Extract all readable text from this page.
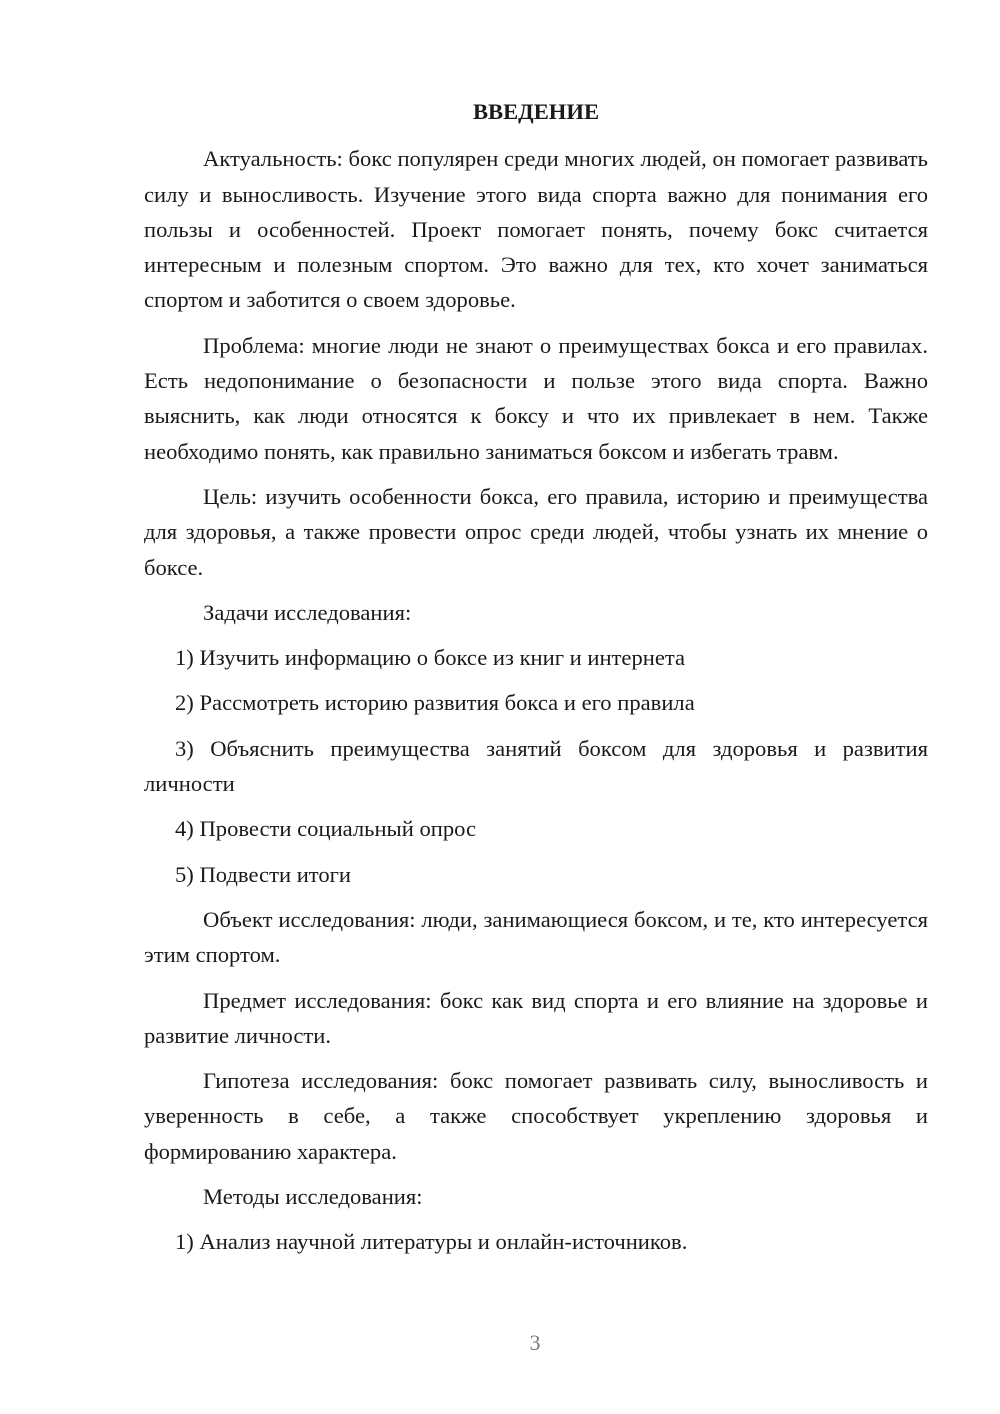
ВВЕДЕНИЕ
Актуальность: бокс популярен среди многих людей, он помогает развивать силу и выносливость. Изучение этого вида спорта важно для понимания его пользы и особенностей. Проект помогает понять, почему бокс считается интересным и полезным спортом. Это важно для тех, кто хочет заниматься спортом и заботится о своем здоровье.
Проблема: многие люди не знают о преимуществах бокса и его правилах. Есть недопонимание о безопасности и пользе этого вида спорта. Важно выяснить, как люди относятся к боксу и что их привлекает в нем. Также необходимо понять, как правильно заниматься боксом и избегать травм.
Цель: изучить особенности бокса, его правила, историю и преимущества для здоровья, а также провести опрос среди людей, чтобы узнать их мнение о боксе.
Задачи исследования:
1) Изучить информацию о боксе из книг и интернета
2) Рассмотреть историю развития бокса и его правила
3) Объяснить преимущества занятий боксом для здоровья и развития личности
4) Провести социальный опрос
5) Подвести итоги
Объект исследования: люди, занимающиеся боксом, и те, кто интересуется этим спортом.
Предмет исследования: бокс как вид спорта и его влияние на здоровье и развитие личности.
Гипотеза исследования: бокс помогает развивать силу, выносливость и уверенность в себе, а также способствует укреплению здоровья и формированию характера.
Методы исследования:
1) Анализ научной литературы и онлайн-источников.
3
